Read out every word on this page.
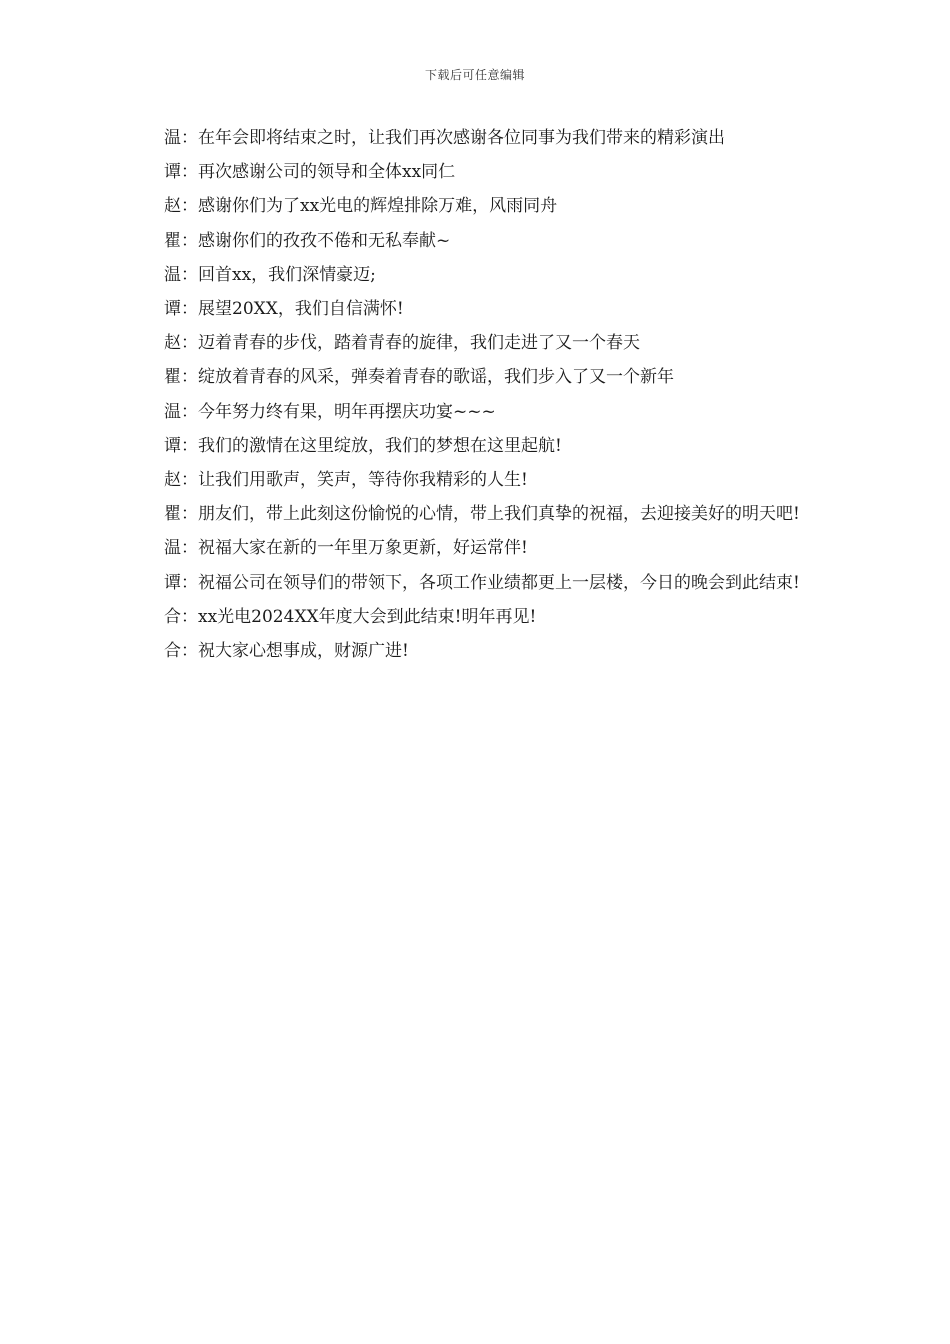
下载后可任意编辑

温：在年会即将结束之时，让我们再次感谢各位同事为我们带来的精彩演出

谭：再次感谢公司的领导和全体xx同仁

赵：感谢你们为了xx光电的辉煌排除万难，风雨同舟

瞿：感谢你们的孜孜不倦和无私奉献~

温：回首xx，我们深情豪迈;

谭：展望20XX，我们自信满怀!

赵：迈着青春的步伐，踏着青春的旋律，我们走进了又一个春天

瞿：绽放着青春的风采，弹奏着青春的歌谣，我们步入了又一个新年

温：今年努力终有果，明年再摆庆功宴~~~

谭：我们的激情在这里绽放，我们的梦想在这里起航!

赵：让我们用歌声，笑声，等待你我精彩的人生!

瞿：朋友们，带上此刻这份愉悦的心情，带上我们真挚的祝福，去迎接美好的明天吧!

温：祝福大家在新的一年里万象更新，好运常伴!

谭：祝福公司在领导们的带领下，各项工作业绩都更上一层楼，今日的晚会到此结束!

合：xx光电2024XX年度大会到此结束!明年再见!

合：祝大家心想事成，财源广进!
